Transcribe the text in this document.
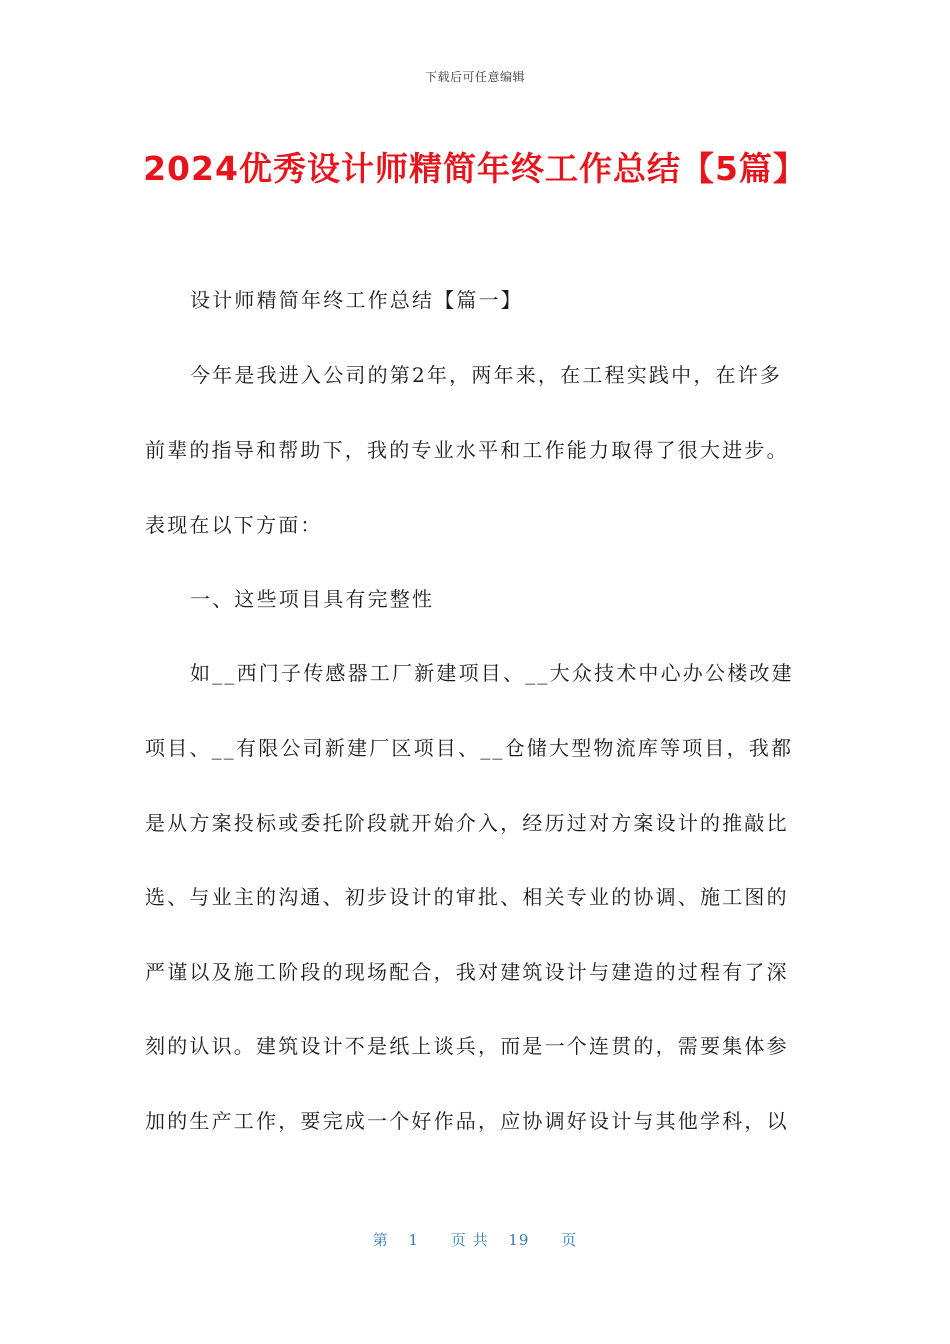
下载后可任意编辑
2024优秀设计师精简年终工作总结【5篇】
设计师精简年终工作总结【篇一】
今年是我进入公司的第2年，两年来，在工程实践中，在许多
前辈的指导和帮助下，我的专业水平和工作能力取得了很大进步。
表现在以下方面：
一、这些项目具有完整性
如__西门子传感器工厂新建项目、__大众技术中心办公楼改建
项目、__有限公司新建厂区项目、__仓储大型物流库等项目，我都
是从方案投标或委托阶段就开始介入，经历过对方案设计的推敲比
选、与业主的沟通、初步设计的审批、相关专业的协调、施工图的
严谨以及施工阶段的现场配合，我对建筑设计与建造的过程有了深
刻的认识。建筑设计不是纸上谈兵，而是一个连贯的，需要集体参
加的生产工作，要完成一个好作品，应协调好设计与其他学科，以
第 1 页 共 19 页
